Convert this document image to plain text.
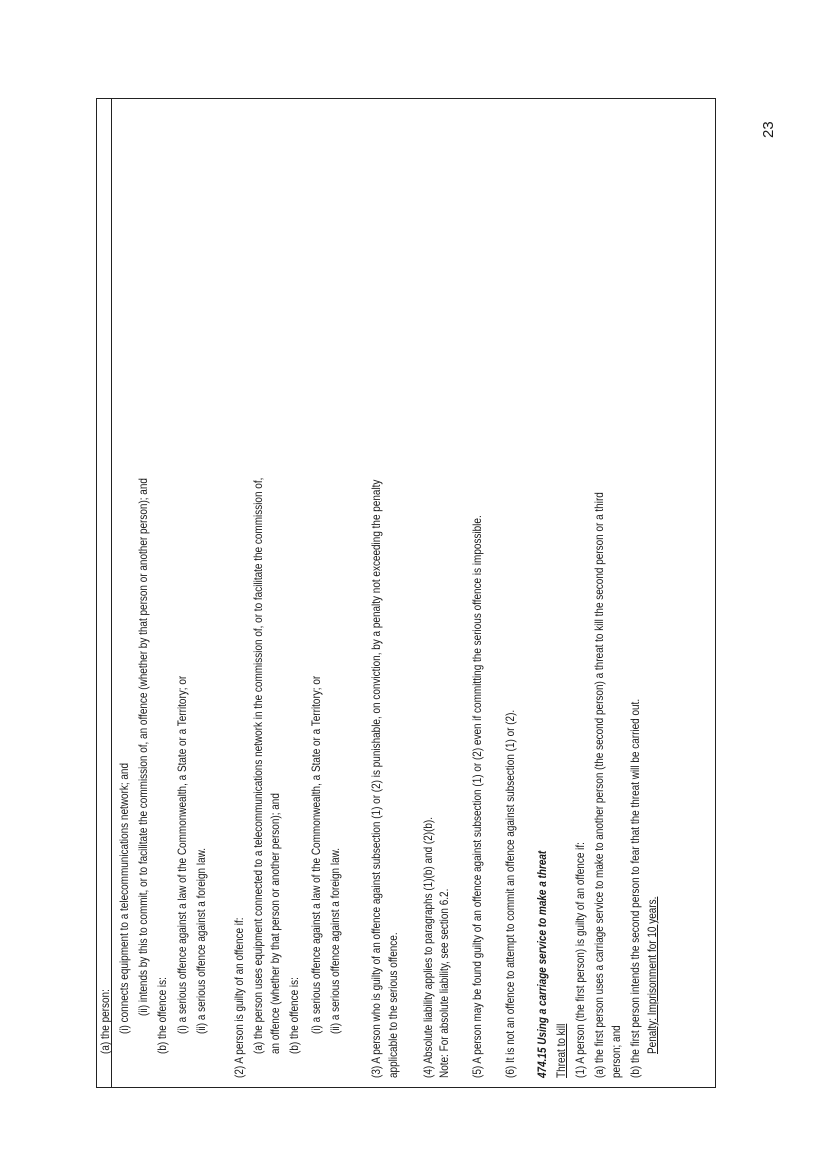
(a) the person: (i) connects equipment to a telecommunications network; and (ii) intends by this to commit, or to facilitate the commission of, an offence (whether by that person or another person); and (b) the offence is: (i) a serious offence against a law of the Commonwealth, a State or a Territory; or (ii) a serious offence against a foreign law. (2) A person is guilty of an offence if: (a) the person uses equipment connected to a telecommunications network in the commission of, or to facilitate the commission of, an offence (whether by that person or another person); and (b) the offence is: (i) a serious offence against a law of the Commonwealth, a State or a Territory; or (ii) a serious offence against a foreign law. (3) A person who is guilty of an offence against subsection (1) or (2) is punishable, on conviction, by a penalty not exceeding the penalty applicable to the serious offence. (4) Absolute liability applies to paragraphs (1)(b) and (2)(b). Note: For absolute liability, see section 6.2. (5) A person may be found guilty of an offence against subsection (1) or (2) even if committing the serious offence is impossible. (6) It is not an offence to attempt to commit an offence against subsection (1) or (2). 474.15 Using a carriage service to make a threat Threat to kill (1) A person (the first person) is guilty of an offence if: (a) the first person uses a carriage service to make to another person (the second person) a threat to kill the second person or a third person; and (b) the first person intends the second person to fear that the threat will be carried out. Penalty: Imprisonment for 10 years.
23
